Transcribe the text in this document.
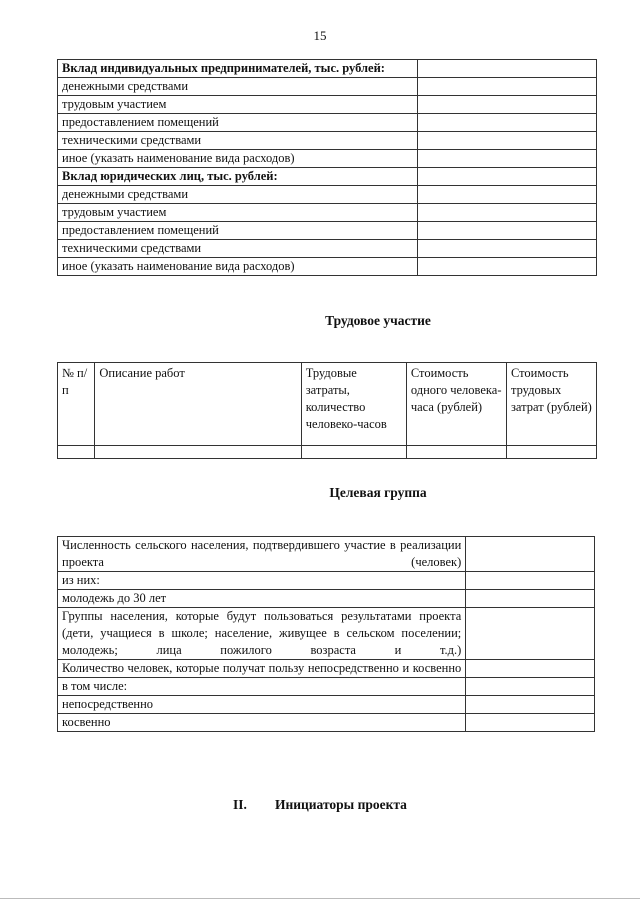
15
Вклад индивидуальных предпринимателей, тыс. рублей:	
денежными средствами	
трудовым участием	
предоставлением помещений	
техническими средствами	
иное (указать наименование вида расходов)	
Вклад юридических лиц, тыс. рублей:	
денежными средствами	
трудовым участием	
предоставлением помещений	
техническими средствами	
иное (указать наименование вида расходов)	
Трудовое участие
№ п/п	Описание работ	Трудовые затраты, количество человеко-часов	Стоимость одного человека-часа (рублей)	Стоимость трудовых затрат (рублей)

Целевая группа
Численность сельского населения, подтвердившего участие в реализации проекта (человек)	
из них:	
молодежь до 30 лет	
Группы населения, которые будут пользоваться результатами проекта (дети, учащиеся в школе; население, живущее в сельском поселении; молодежь; лица пожилого возраста и т.д.)	
Количество человек, которые получат пользу непосредственно и косвенно	
в том числе:	
непосредственно	
косвенно	
II. Инициаторы проекта
